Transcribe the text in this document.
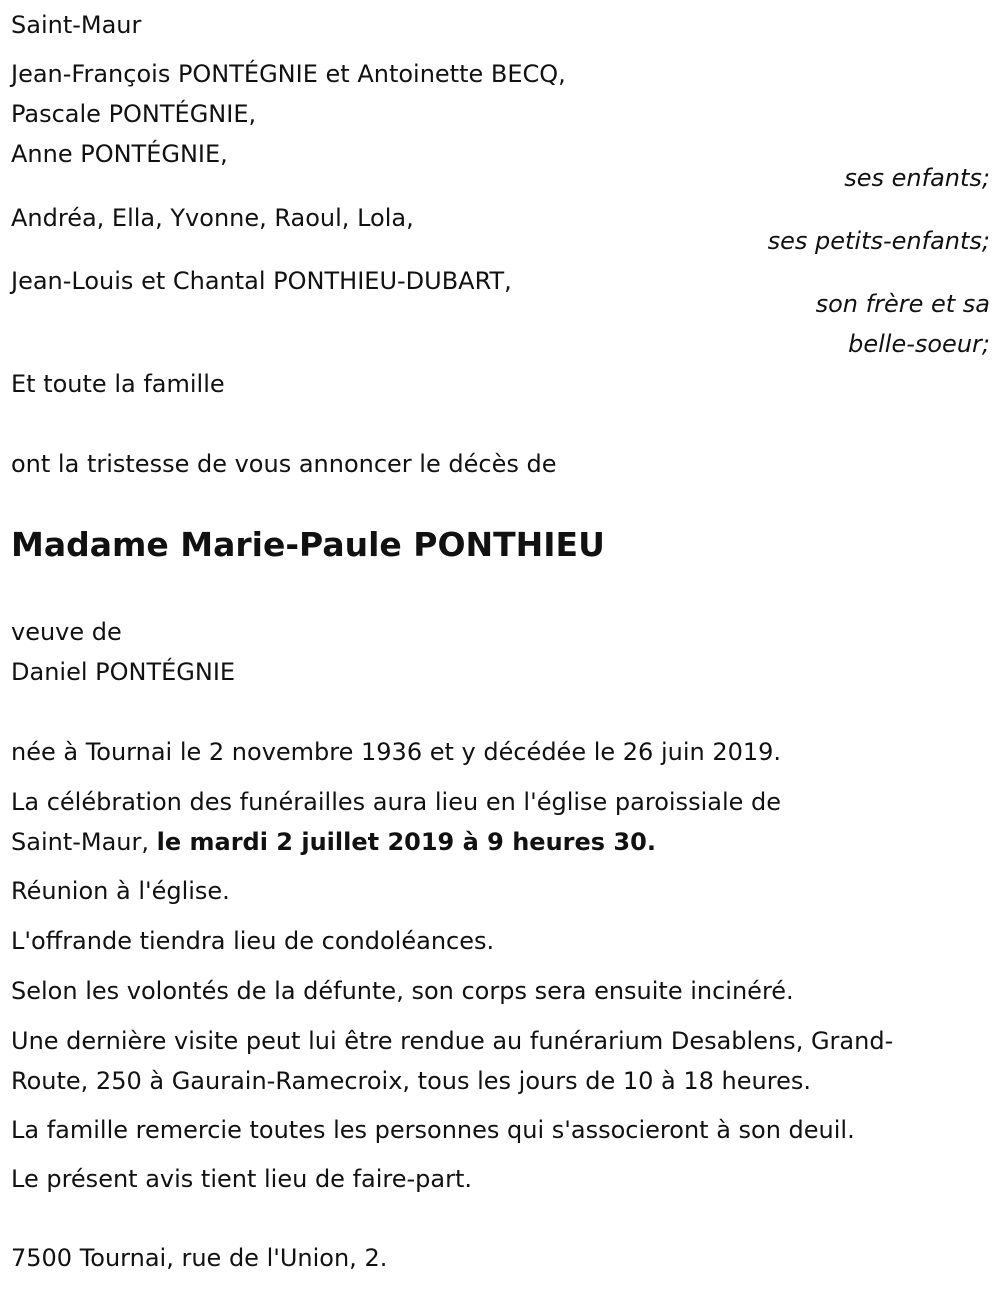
Saint-Maur
Jean-François PONTÉGNIE et Antoinette BECQ,
Pascale PONTÉGNIE,
Anne PONTÉGNIE,
ses enfants;
Andréa, Ella, Yvonne, Raoul, Lola,
ses petits-enfants;
Jean-Louis et Chantal PONTHIEU-DUBART,
son frère et sa
belle-soeur;
Et toute la famille
ont la tristesse de vous annoncer le décès de
Madame Marie-Paule PONTHIEU
veuve de
Daniel PONTÉGNIE
née à Tournai le 2 novembre 1936 et y décédée le 26 juin 2019.
La célébration des funérailles aura lieu en l'église paroissiale de
Saint-Maur, le mardi 2 juillet 2019 à 9 heures 30.
Réunion à l'église.
L'offrande tiendra lieu de condoléances.
Selon les volontés de la défunte, son corps sera ensuite incinéré.
Une dernière visite peut lui être rendue au funérarium Desablens, Grand-
Route, 250 à Gaurain-Ramecroix, tous les jours de 10 à 18 heures.
La famille remercie toutes les personnes qui s'associeront à son deuil.
Le présent avis tient lieu de faire-part.
7500 Tournai, rue de l'Union, 2.
